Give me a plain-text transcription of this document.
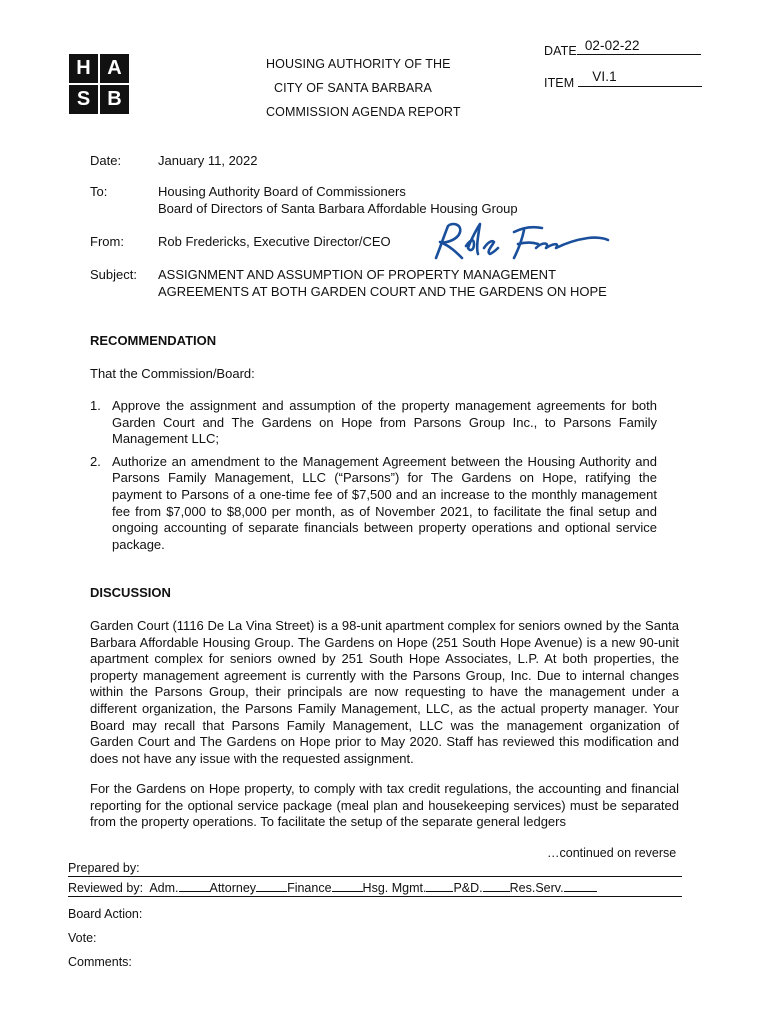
H A
S B
HOUSING AUTHORITY OF THE
CITY OF SANTA BARBARA
COMMISSION AGENDA REPORT
DATE 02-02-22
ITEM VI.1
Date:	January 11, 2022
To:	Housing Authority Board of Commissioners
Board of Directors of Santa Barbara Affordable Housing Group
From:	Rob Fredericks, Executive Director/CEO
Subject: ASSIGNMENT AND ASSUMPTION OF PROPERTY MANAGEMENT
AGREEMENTS AT BOTH GARDEN COURT AND THE GARDENS ON HOPE
RECOMMENDATION
That the Commission/Board:
1. Approve the assignment and assumption of the property management agreements for both Garden Court and The Gardens on Hope from Parsons Group Inc., to Parsons Family Management LLC;
2. Authorize an amendment to the Management Agreement between the Housing Authority and Parsons Family Management, LLC (“Parsons”) for The Gardens on Hope, ratifying the payment to Parsons of a one-time fee of $7,500 and an increase to the monthly management fee from $7,000 to $8,000 per month, as of November 2021, to facilitate the final setup and ongoing accounting of separate financials between property operations and optional service package.
DISCUSSION
Garden Court (1116 De La Vina Street) is a 98-unit apartment complex for seniors owned by the Santa Barbara Affordable Housing Group. The Gardens on Hope (251 South Hope Avenue) is a new 90-unit apartment complex for seniors owned by 251 South Hope Associates, L.P. At both properties, the property management agreement is currently with the Parsons Group, Inc. Due to internal changes within the Parsons Group, their principals are now requesting to have the management under a different organization, the Parsons Family Management, LLC, as the actual property manager. Your Board may recall that Parsons Family Management, LLC was the management organization of Garden Court and The Gardens on Hope prior to May 2020. Staff has reviewed this modification and does not have any issue with the requested assignment.
For the Gardens on Hope property, to comply with tax credit regulations, the accounting and financial reporting for the optional service package (meal plan and housekeeping services) must be separated from the property operations. To facilitate the setup of the separate general ledgers
…continued on reverse
Prepared by:
Reviewed by: Adm. Attorney Finance Hsg. Mgmt. P&D. Res.Serv.
Board Action:
Vote:
Comments:
